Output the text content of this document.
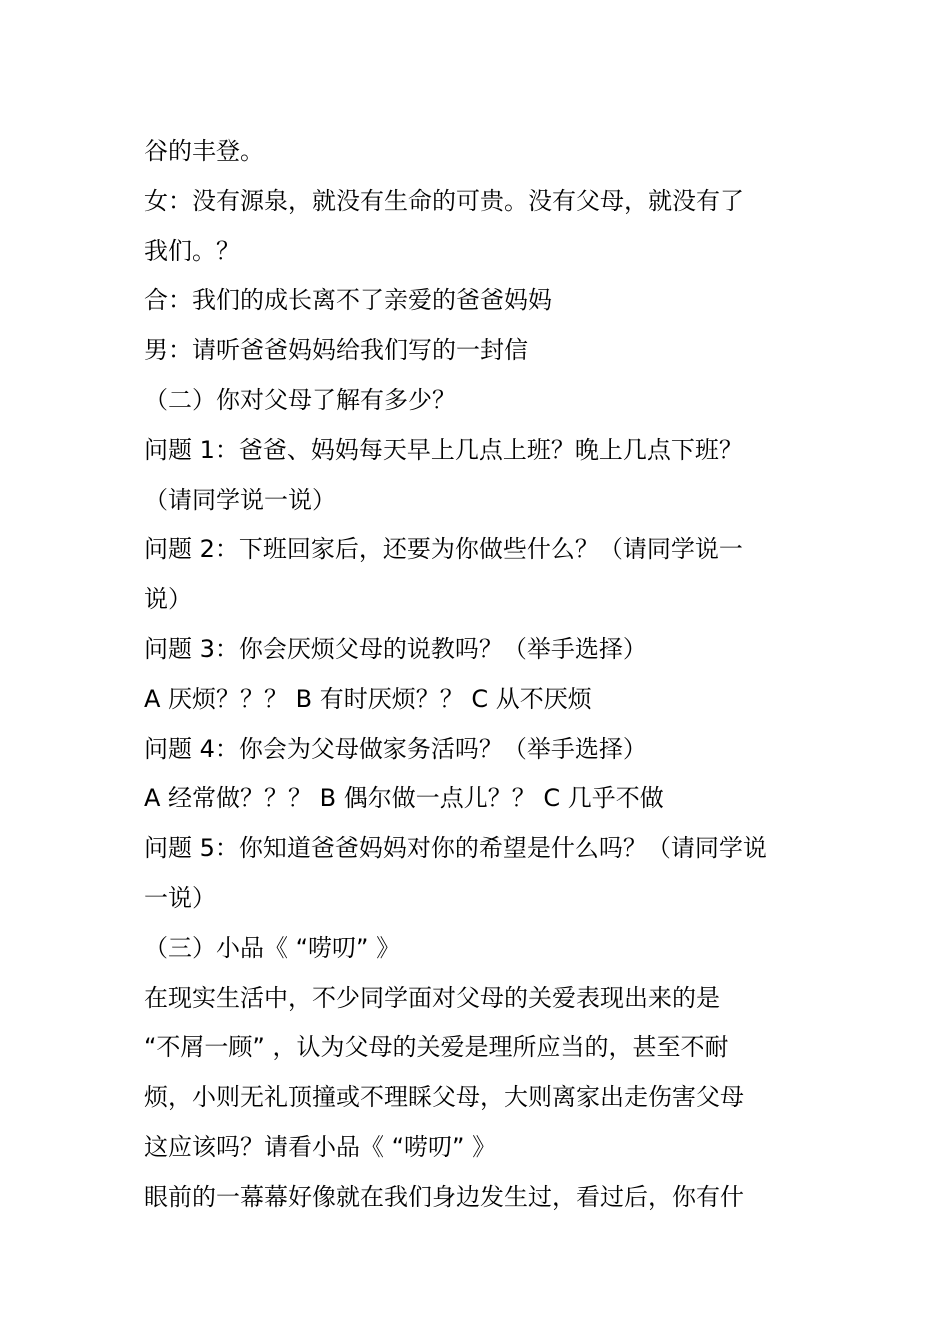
谷的丰登。
女：没有源泉，就没有生命的可贵。没有父母，就没有了
我们。？
合：我们的成长离不了亲爱的爸爸妈妈
男：请听爸爸妈妈给我们写的一封信
（二）你对父母了解有多少？
问题 1：爸爸、妈妈每天早上几点上班？晚上几点下班？
（请同学说一说）
问题 2：下班回家后，还要为你做些什么？（请同学说一
说）
问题 3：你会厌烦父母的说教吗？（举手选择）
A 厌烦？？？ B 有时厌烦？？ C 从不厌烦
问题 4：你会为父母做家务活吗？（举手选择）
A 经常做？？？ B 偶尔做一点儿？？ C 几乎不做
问题 5：你知道爸爸妈妈对你的希望是什么吗？（请同学说
一说）
（三）小品《 “唠叨” 》
在现实生活中，不少同学面对父母的关爱表现出来的是
“不屑一顾” ，认为父母的关爱是理所应当的，甚至不耐
烦，小则无礼顶撞或不理睬父母，大则离家出走伤害父母
这应该吗？请看小品《 “唠叨” 》
眼前的一幕幕好像就在我们身边发生过，看过后，你有什
